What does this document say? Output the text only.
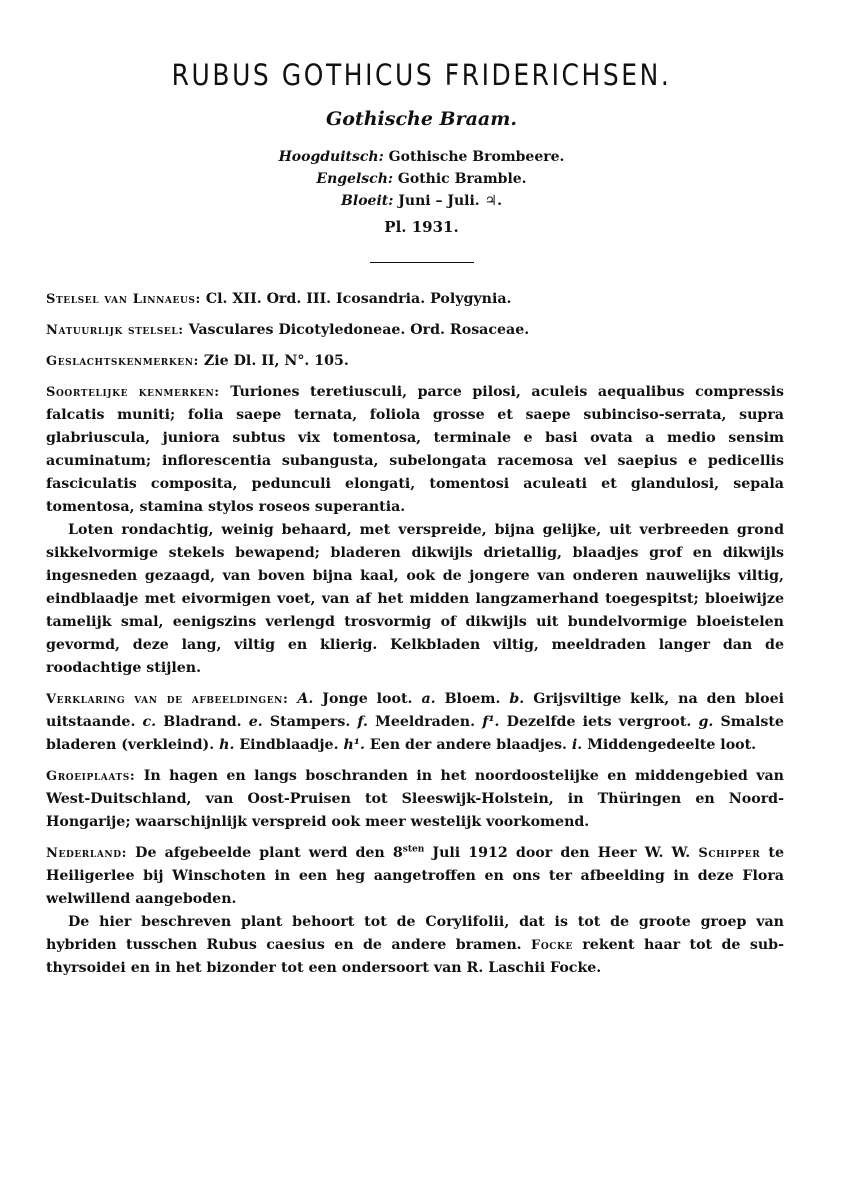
RUBUS GOTHICUS FRIDERICHSEN.
Gothische Braam.
Hoogduitsch: Gothische Brombeere.
Engelsch: Gothic Bramble.
Bloeit: Juni – Juli. ♃.
Pl. 1931.

Stelsel van Linnaeus: Cl. XII. Ord. III. Icosandria. Polygynia.

Natuurlijk stelsel: Vasculares Dicotyledoneae. Ord. Rosaceae.

Geslachtskenmerken: Zie Dl. II, N°. 105.

Soortelijke kenmerken: Turiones teretiusculi, parce pilosi, aculeis aequalibus compressis falcatis muniti; folia saepe ternata, foliola grosse et saepe subinciso-serrata, supra glabriuscula, juniora subtus vix tomentosa, terminale e basi ovata a medio sensim acuminatum; inflorescentia subangusta, subelongata racemosa vel saepius e pedicellis fasciculatis composita, pedunculi elongati, tomentosi aculeati et glandulosi, sepala tomentosa, stamina stylos roseos superantia.

Loten rondachtig, weinig behaard, met verspreide, bijna gelijke, uit verbreeden grond sikkelvormige stekels bewapend; bladeren dikwijls drietallig, blaadjes grof en dikwijls ingesneden gezaagd, van boven bijna kaal, ook de jongere van onderen nauwelijks viltig, eindblaadje met eivormigen voet, van af het midden langzamerhand toegespitst; bloeiwijze tamelijk smal, eenigszins verlengd trosvormig of dikwijls uit bundelvormige bloeistelen gevormd, deze lang, viltig en klierig. Kelkbladen viltig, meeldraden langer dan de roodachtige stijlen.

Verklaring van de afbeeldingen: A. Jonge loot. a. Bloem. b. Grijsviltige kelk, na den bloei uitstaande. c. Bladrand. e. Stampers. f. Meeldraden. f¹. Dezelfde iets vergroot. g. Smalste bladeren (verkleind). h. Eindblaadje. h¹. Een der andere blaadjes. i. Middengedeelte loot.

Groeiplaats: In hagen en langs boschranden in het noordoostelijke en middengebied van West-Duitschland, van Oost-Pruisen tot Sleeswijk-Holstein, in Thüringen en Noord-Hongarije; waarschijnlijk verspreid ook meer westelijk voorkomend.

Nederland: De afgebeelde plant werd den $8^{sten}$ Juli 1912 door den Heer W. W. Schipper te Heiligerlee bij Winschoten in een heg aangetroffen en ons ter afbeelding in deze Flora welwillend aangeboden.

De hier beschreven plant behoort tot de Corylifolii, dat is tot de groote groep van hybriden tusschen Rubus caesius en de andere bramen. Focke rekent haar tot de sub-thyrsoidei en in het bizonder tot een ondersoort van R. Laschii Focke.
